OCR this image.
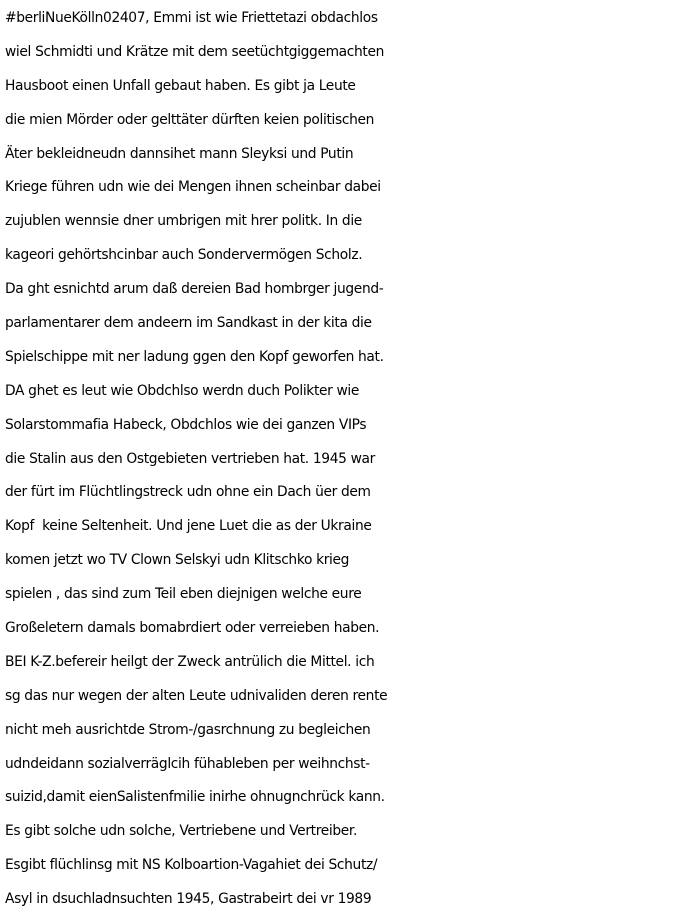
#berliNueKölln02407, Emmi ist wie Friettetazi obdachlos
wiel Schmidti und Krätze mit dem seetüchtgiggemachten
Hausboot einen Unfall gebaut haben. Es gibt ja Leute
die mien Mörder oder gelttäter dürften keien politischen
Äter bekleidneudn dannsihet mann Sleyksi und Putin
Kriege führen udn wie dei Mengen ihnen scheinbar dabei
zujublen wennsie dner umbrigen mit hrer politk. In die
kageori gehörtshcinbar auch Sondervermögen Scholz.
Da ght esnichtd arum daß dereien Bad hombrger jugend-
parlamentarer dem andeern im Sandkast in der kita die
Spielschippe mit ner ladung ggen den Kopf geworfen hat.
DA ghet es leut wie Obdchlso werdn duch Polikter wie
Solarstommafia Habeck, Obdchlos wie dei ganzen VIPs
die Stalin aus den Ostgebieten vertrieben hat. 1945 war
der fürt im Flüchtlingstreck udn ohne ein Dach üer dem
Kopf  keine Seltenheit. Und jene Luet die as der Ukraine
komen jetzt wo TV Clown Selskyi udn Klitschko krieg
spielen , das sind zum Teil eben diejnigen welche eure
Großeletern damals bomabrdiert oder verreieben haben.
BEI K-Z.befereir heilgt der Zweck antrülich die Mittel. ich
sg das nur wegen der alten Leute udnivaliden deren rente
nicht meh ausrichtde Strom-/gasrchnung zu begleichen
udndeidann sozialverräglcih fühableben per weihnchst-
suizid,damit eienSalistenfmilie inirhe ohnugnchrück kann.
Es gibt solche udn solche, Vertriebene und Vertreiber.
Esgibt flüchlinsg mit NS Kolboartion-Vagahiet dei Schutz/
Asyl in dsuchladnsuchten 1945, Gastrabeirt dei vr 1989
